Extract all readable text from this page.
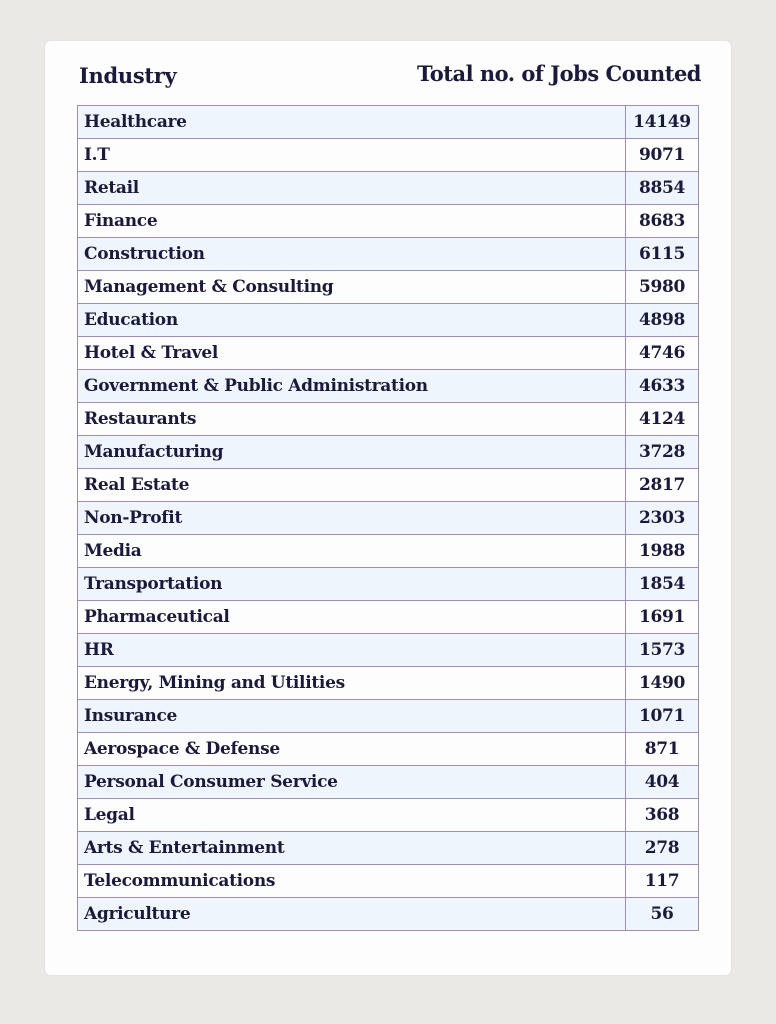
Industry	Total no. of Jobs Counted
Healthcare	14149
I.T	9071
Retail	8854
Finance	8683
Construction	6115
Management & Consulting	5980
Education	4898
Hotel & Travel	4746
Government & Public Administration	4633
Restaurants	4124
Manufacturing	3728
Real Estate	2817
Non-Profit	2303
Media	1988
Transportation	1854
Pharmaceutical	1691
HR	1573
Energy, Mining and Utilities	1490
Insurance	1071
Aerospace & Defense	871
Personal Consumer Service	404
Legal	368
Arts & Entertainment	278
Telecommunications	117
Agriculture	56
